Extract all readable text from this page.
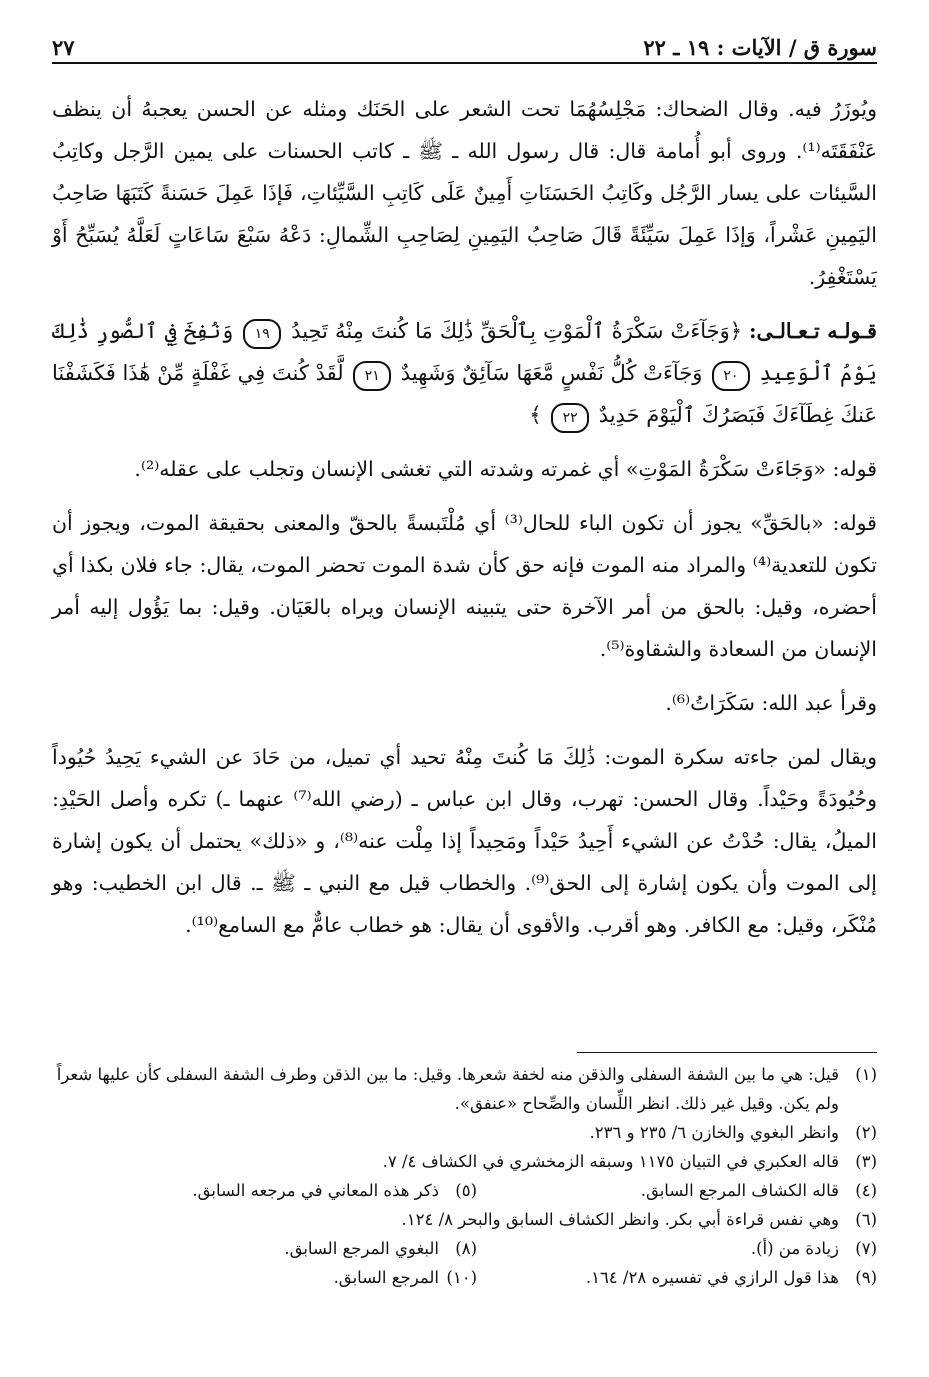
سورة ق / الآيات : ١٩ ـ ٢٢
٢٧

ويُوزَرُ فيه. وقال الضحاك: مَجْلِسُهُمَا تحت الشعر على الحَنَك ومثله عن الحسن يعجبهُ أن ينظف عَنْفَقَتَه⁽¹⁾. وروى أبو أُمامة قال: قال رسول الله ـ ﷺ ـ كاتب الحسنات على يمين الرَّجل وكاتِبُ السَّيئات على يسار الرَّجُل وكَاتِبُ الحَسَنَاتِ أَمِينٌ عَلَى كَاتِبِ السَّيِّئاتِ، فَإذَا عَمِلَ حَسَنةً كَتَبَهَا صَاحِبُ اليَمِينِ عَشْراً، وَإذَا عَمِلَ سَيِّئَةً قَالَ صَاحِبُ اليَمِينِ لِصَاحِبِ الشِّمالِ: دَعْهُ سَبْعَ سَاعَاتٍ لَعَلَّهُ يُسَبِّحُ أَوْ يَسْتَغْفِرُ.

قـولـه تـعـالـى: ﴿وَجَآءَتْ سَكْرَةُ ٱلْمَوْتِ بِٱلْحَقِّ ذَٰلِكَ مَا كُنتَ مِنْهُ تَحِيدُ ١٩ وَنُفِخَ فِي ٱلصُّورِ ذَٰلِكَ يَوْمُ ٱلْوَعِيدِ ٢٠ وَجَآءَتْ كُلُّ نَفْسٍ مَّعَهَا سَآئِقٌ وَشَهِيدٌ ٢١ لَّقَدْ كُنتَ فِي غَفْلَةٍ مِّنْ هَٰذَا فَكَشَفْنَا عَنكَ غِطَآءَكَ فَبَصَرُكَ ٱلْيَوْمَ حَدِيدٌ ٢٢ ﴾

قوله: «وَجَاءَتْ سَكْرَةُ المَوْتِ» أي غمرته وشدته التي تغشى الإنسان وتجلب على عقله⁽²⁾.

قوله: «بالحَقِّ» يجوز أن تكون الباء للحال⁽³⁾ أي مُلْتَبسةً بالحقّ والمعنى بحقيقة الموت، ويجوز أن تكون للتعدية⁽⁴⁾ والمراد منه الموت فإنه حق كأن شدة الموت تحضر الموت، يقال: جاء فلان بكذا أي أحضره، وقيل: بالحق من أمر الآخرة حتى يتبينه الإنسان ويراه بالعَيَان. وقيل: بما يَؤُول إليه أمر الإنسان من السعادة والشقاوة⁽⁵⁾.

وقرأ عبد الله: سَكَرَاتُ⁽⁶⁾.

ويقال لمن جاءته سكرة الموت: ذَٰلِكَ مَا كُنتَ مِنْهُ تحيد أي تميل، من حَادَ عن الشيء يَحِيدُ حُيُوداً وحُيُودَةً وحَيْداً. وقال الحسن: تهرب، وقال ابن عباس ـ (رضي الله⁽⁷⁾ عنهما ـ) تكره وأصل الحَيْدِ: الميلُ، يقال: حُدْتُ عن الشيء أَحِيدُ حَيْداً ومَحِيداً إذا مِلْت عنه⁽⁸⁾، و «ذلك» يحتمل أن يكون إشارة إلى الموت وأن يكون إشارة إلى الحق⁽⁹⁾. والخطاب قيل مع النبي ـ ﷺ ـ. قال ابن الخطيب: وهو مُنْكَر، وقيل: مع الكافر. وهو أقرب. والأقوى أن يقال: هو خطاب عامٌّ مع السامع⁽¹⁰⁾.

(١)
قيل: هي ما بين الشفة السفلى والذقن منه لخفة شعرها. وقيل: ما بين الذقن وطرف الشفة السفلى كأن عليها شعراً ولم يكن. وقيل غير ذلك. انظر اللِّسان والصِّحاح «عنفق».
(٢)
وانظر البغوي والخازن ٦/ ٢٣٥ و ٢٣٦.
(٣)
قاله العكبري في التبيان ١١٧٥ وسبقه الزمخشري في الكشاف ٤/ ٧.
(٤)
قاله الكشاف المرجع السابق.
(٥)
ذكر هذه المعاني في مرجعه السابق.
(٦)
وهي نفس قراءة أبي بكر. وانظر الكشاف السابق والبحر ٨/ ١٢٤.
(٧)
زيادة من (أ).
(٨)
البغوي المرجع السابق.
(٩)
هذا قول الرازي في تفسيره ٢٨/ ١٦٤.
(١٠)
المرجع السابق.
